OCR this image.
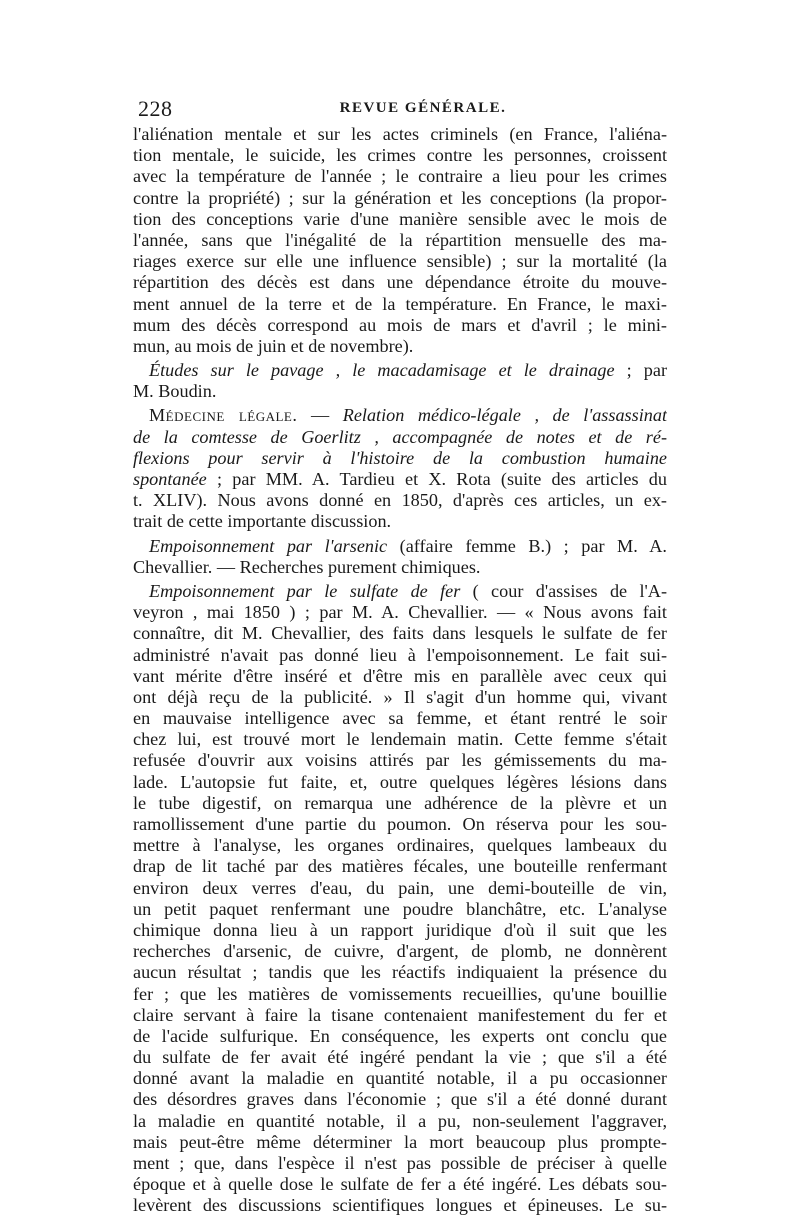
228	REVUE GÉNÉRALE.
l'aliénation mentale et sur les actes criminels (en France, l'aliéna-
tion mentale, le suicide, les crimes contre les personnes, croissent
avec la température de l'année ; le contraire a lieu pour les crimes
contre la propriété) ; sur la génération et les conceptions (la propor-
tion des conceptions varie d'une manière sensible avec le mois de
l'année, sans que l'inégalité de la répartition mensuelle des ma-
riages exerce sur elle une influence sensible) ; sur la mortalité (la
répartition des décès est dans une dépendance étroite du mouve-
ment annuel de la terre et de la température. En France, le maxi-
mum des décès correspond au mois de mars et d'avril ; le mini-
mun, au mois de juin et de novembre).
Études sur le pavage , le macadamisage et le drainage ; par
M. Boudin.
Médecine légale. — Relation médico-légale , de l'assassinat
de la comtesse de Goerlitz , accompagnée de notes et de ré-
flexions pour servir à l'histoire de la combustion humaine
spontanée ; par MM. A. Tardieu et X. Rota (suite des articles du
t. XLIV). Nous avons donné en 1850, d'après ces articles, un ex-
trait de cette importante discussion.
Empoisonnement par l'arsenic (affaire femme B.) ; par M. A.
Chevallier. — Recherches purement chimiques.
Empoisonnement par le sulfate de fer ( cour d'assises de l'A-
veyron , mai 1850 ) ; par M. A. Chevallier. — « Nous avons fait
connaître, dit M. Chevallier, des faits dans lesquels le sulfate de fer
administré n'avait pas donné lieu à l'empoisonnement. Le fait sui-
vant mérite d'être inséré et d'être mis en parallèle avec ceux qui
ont déjà reçu de la publicité. » Il s'agit d'un homme qui, vivant
en mauvaise intelligence avec sa femme, et étant rentré le soir
chez lui, est trouvé mort le lendemain matin. Cette femme s'était
refusée d'ouvrir aux voisins attirés par les gémissements du ma-
lade. L'autopsie fut faite, et, outre quelques légères lésions dans
le tube digestif, on remarqua une adhérence de la plèvre et un
ramollissement d'une partie du poumon. On réserva pour les sou-
mettre à l'analyse, les organes ordinaires, quelques lambeaux du
drap de lit taché par des matières fécales, une bouteille renfermant
environ deux verres d'eau, du pain, une demi-bouteille de vin,
un petit paquet renfermant une poudre blanchâtre, etc. L'analyse
chimique donna lieu à un rapport juridique d'où il suit que les
recherches d'arsenic, de cuivre, d'argent, de plomb, ne donnèrent
aucun résultat ; tandis que les réactifs indiquaient la présence du
fer ; que les matières de vomissements recueillies, qu'une bouillie
claire servant à faire la tisane contenaient manifestement du fer et
de l'acide sulfurique. En conséquence, les experts ont conclu que
du sulfate de fer avait été ingéré pendant la vie ; que s'il a été
donné avant la maladie en quantité notable, il a pu occasionner
des désordres graves dans l'économie ; que s'il a été donné durant
la maladie en quantité notable, il a pu, non-seulement l'aggraver,
mais peut-être même déterminer la mort beaucoup plus prompte-
ment ; que, dans l'espèce il n'est pas possible de préciser à quelle
époque et à quelle dose le sulfate de fer a été ingéré. Les débats sou-
levèrent des discussions scientifiques longues et épineuses. Le su-
